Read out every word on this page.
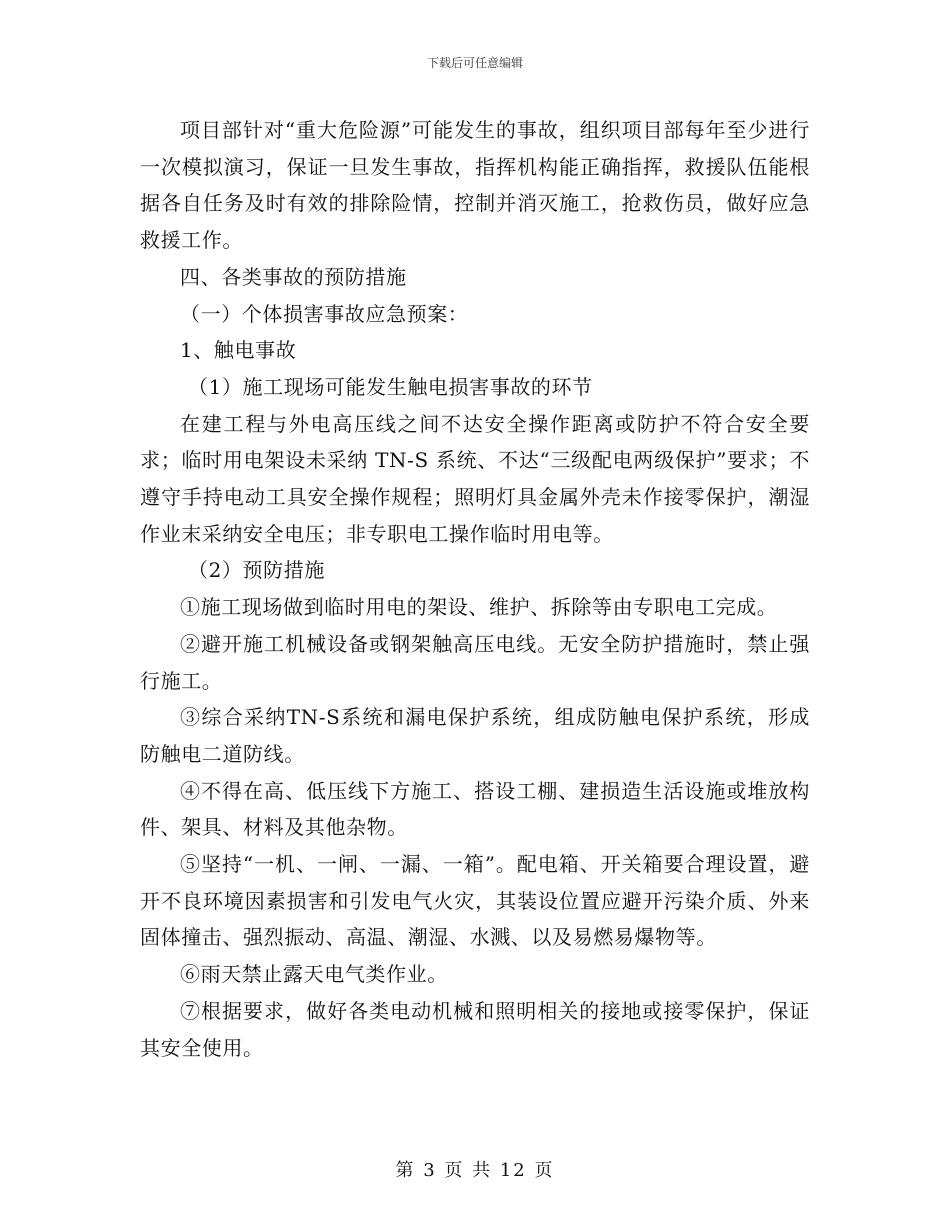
下载后可任意编辑

项目部针对“重大危险源”可能发生的事故，组织项目部每年至少进行一次模拟演习，保证一旦发生事故，指挥机构能正确指挥，救援队伍能根据各自任务及时有效的排除险情，控制并消灭施工，抢救伤员，做好应急救援工作。

四、各类事故的预防措施

（一）个体损害事故应急预案：

1、触电事故

（1）施工现场可能发生触电损害事故的环节

在建工程与外电高压线之间不达安全操作距离或防护不符合安全要求；临时用电架设未采纳 TN-S 系统、不达“三级配电两级保护”要求；不遵守手持电动工具安全操作规程；照明灯具金属外壳未作接零保护，潮湿作业末采纳安全电压；非专职电工操作临时用电等。

（2）预防措施

①施工现场做到临时用电的架设、维护、拆除等由专职电工完成。

②避开施工机械设备或钢架触高压电线。无安全防护措施时，禁止强行施工。

③综合采纳TN-S系统和漏电保护系统，组成防触电保护系统，形成防触电二道防线。

④不得在高、低压线下方施工、搭设工棚、建损造生活设施或堆放构件、架具、材料及其他杂物。

⑤坚持“一机、一闸、一漏、一箱”。配电箱、开关箱要合理设置，避开不良环境因素损害和引发电气火灾，其装设位置应避开污染介质、外来固体撞击、强烈振动、高温、潮湿、水溅、以及易燃易爆物等。

⑥雨天禁止露天电气类作业。

⑦根据要求，做好各类电动机械和照明相关的接地或接零保护，保证其安全使用。

第 3 页 共 12 页
